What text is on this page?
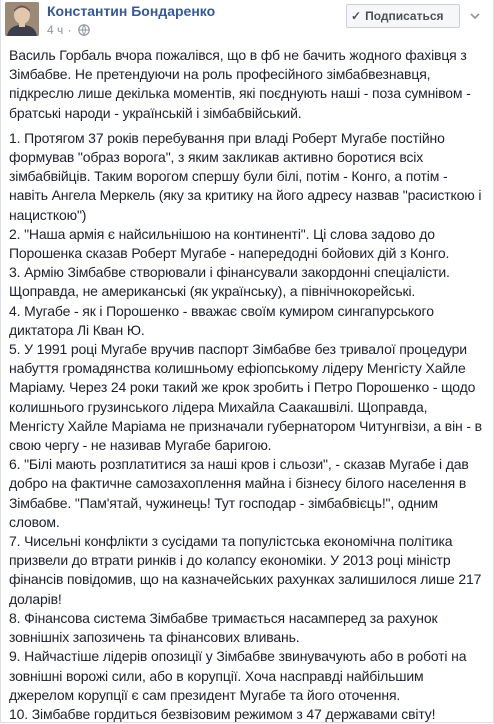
Константин Бондаренко
4 ч ·
✓ Подписаться

Василь Горбаль вчора пожалівся, що в фб не бачить жодного фахівця з Зімбабве. Не претендуючи на роль професійного зімбабвезнавця, підкреслю лише декілька моментів, які поєднують наші - поза сумнівом - братські народи - українській і зімбабвійський.

1. Протягом 37 років перебування при владі Роберт Мугабе постійно формував "образ ворога", з яким закликав активно боротися всіх зімбабвійців. Таким ворогом спершу були білі, потім - Конго, а потім - навіть Ангела Меркель (яку за критику на його адресу назвав "расисткою і нацисткою")

2. "Наша армія є найсильнішою на континенті". Ці слова задово до Порошенка сказав Роберт Мугабе - напередодні бойових дій з Конго.

3. Армію Зімбабве створювали і фінансували закордонні спеціалісти. Щоправда, не американські (як українську), а північнокорейські.

4. Мугабе - як і Порошенко - вважає своїм кумиром сингапурського диктатора Лі Кван Ю.

5. У 1991 році Мугабе вручив паспорт Зімбабве без тривалої процедури набуття громадянства колишньому ефіопському лідеру Менгісту Хайле Маріаму. Через 24 роки такий же крок зробить і Петро Порошенко - щодо колишнього грузинського лідера Михайла Саакашвілі. Щоправда, Менгісту Хайле Маріама не призначали губернатором Читунгвізи, а він - в свою чергу - не називав Мугабе баригою.

6. "Білі мають розплатитися за наші кров і сльози", - сказав Мугабе і дав добро на фактичне самозахоплення майна і бізнесу білого населення в Зімбабве. "Пам'ятай, чужинець! Тут господар - зімбабвієць!", одним словом.

7. Чисельні конфлікти з сусідами та популістська економічна політика призвели до втрати ринків і до колапсу економіки. У 2013 році міністр фінансів повідомив, що на казначейських рахунках залишилося лише 217 доларів!

8. Фінансова система Зімбабве тримається насамперед за рахунок зовнішніх запозичень та фінансових вливань.

9. Найчастіше лідерів опозиції у Зімбабве звинувачують або в роботі на зовнішні ворожі сили, або в корупції. Хоча насправді найбільшим джерелом корупції є сам президент Мугабе та його оточення.

10. Зімбабве гордиться безвізовим режимом з 47 державами світу!
